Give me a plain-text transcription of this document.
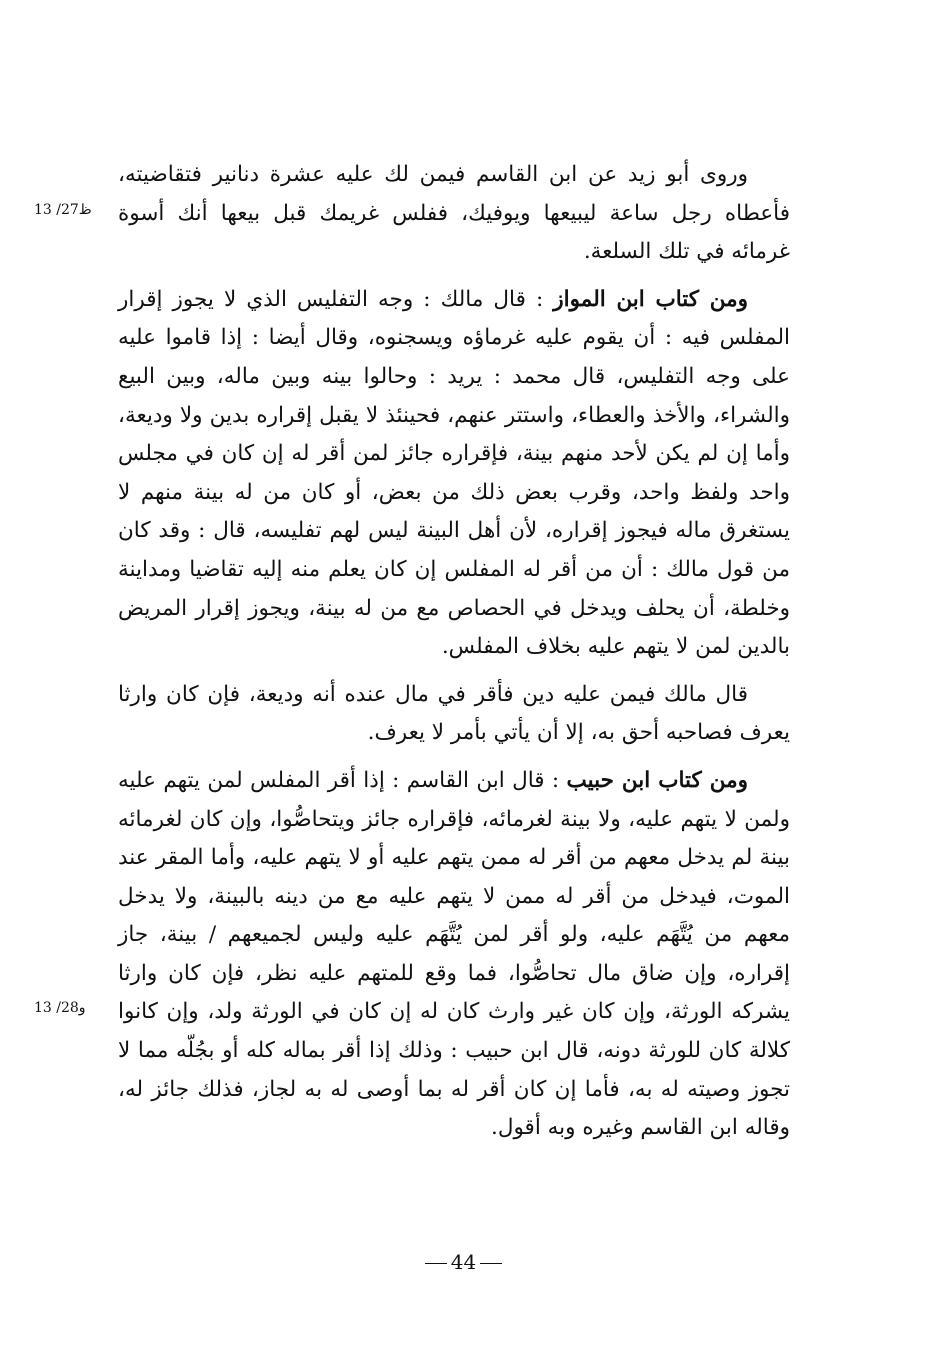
13 /27ظ
13 /28و

وروى أبو زيد عن ابن القاسم فيمن لك عليه عشرة دنانير فتقاضيته، فأعطاه رجل ساعة ليبيعها ويوفيك، ففلس غريمك قبل بيعها أنك أسوة غرمائه في تلك السلعة.

ومن كتاب ابن المواز : قال مالك : وجه التفليس الذي لا يجوز إقرار المفلس فيه : أن يقوم عليه غرماؤه ويسجنوه، وقال أيضا : إذا قاموا عليه على وجه التفليس، قال محمد : يريد : وحالوا بينه وبين ماله، وبين البيع والشراء، والأخذ والعطاء، واستتر عنهم، فحينئذ لا يقبل إقراره بدين ولا وديعة، وأما إن لم يكن لأحد منهم بينة، فإقراره جائز لمن أقر له إن كان في مجلس واحد ولفظ واحد، وقرب بعض ذلك من بعض، أو كان من له بينة منهم لا يستغرق ماله فيجوز إقراره، لأن أهل البينة ليس لهم تفليسه، قال : وقد كان من قول مالك : أن من أقر له المفلس إن كان يعلم منه إليه تقاضيا ومداينة وخلطة، أن يحلف ويدخل في الحصاص مع من له بينة، ويجوز إقرار المريض بالدين لمن لا يتهم عليه بخلاف المفلس.

قال مالك فيمن عليه دين فأقر في مال عنده أنه وديعة، فإن كان وارثا يعرف فصاحبه أحق به، إلا أن يأتي بأمر لا يعرف.

ومن كتاب ابن حبيب : قال ابن القاسم : إذا أقر المفلس لمن يتهم عليه ولمن لا يتهم عليه، ولا بينة لغرمائه، فإقراره جائز ويتحاصُّوا، وإن كان لغرمائه بينة لم يدخل معهم من أقر له ممن يتهم عليه أو لا يتهم عليه، وأما المقر عند الموت، فيدخل من أقر له ممن لا يتهم عليه مع من دينه بالبينة، ولا يدخل معهم من يُتَّهَم عليه، ولو أقر لمن يُتَّهَم عليه وليس لجميعهم / بينة، جاز إقراره، وإن ضاق مال تحاصُّوا، فما وقع للمتهم عليه نظر، فإن كان وارثا يشركه الورثة، وإن كان غير وارث كان له إن كان في الورثة ولد، وإن كانوا كلالة كان للورثة دونه، قال ابن حبيب : وذلك إذا أقر بماله كله أو بجُلّه مما لا تجوز وصيته له به، فأما إن كان أقر له بما أوصى له به لجاز، فذلك جائز له، وقاله ابن القاسم وغيره وبه أقول.

44
